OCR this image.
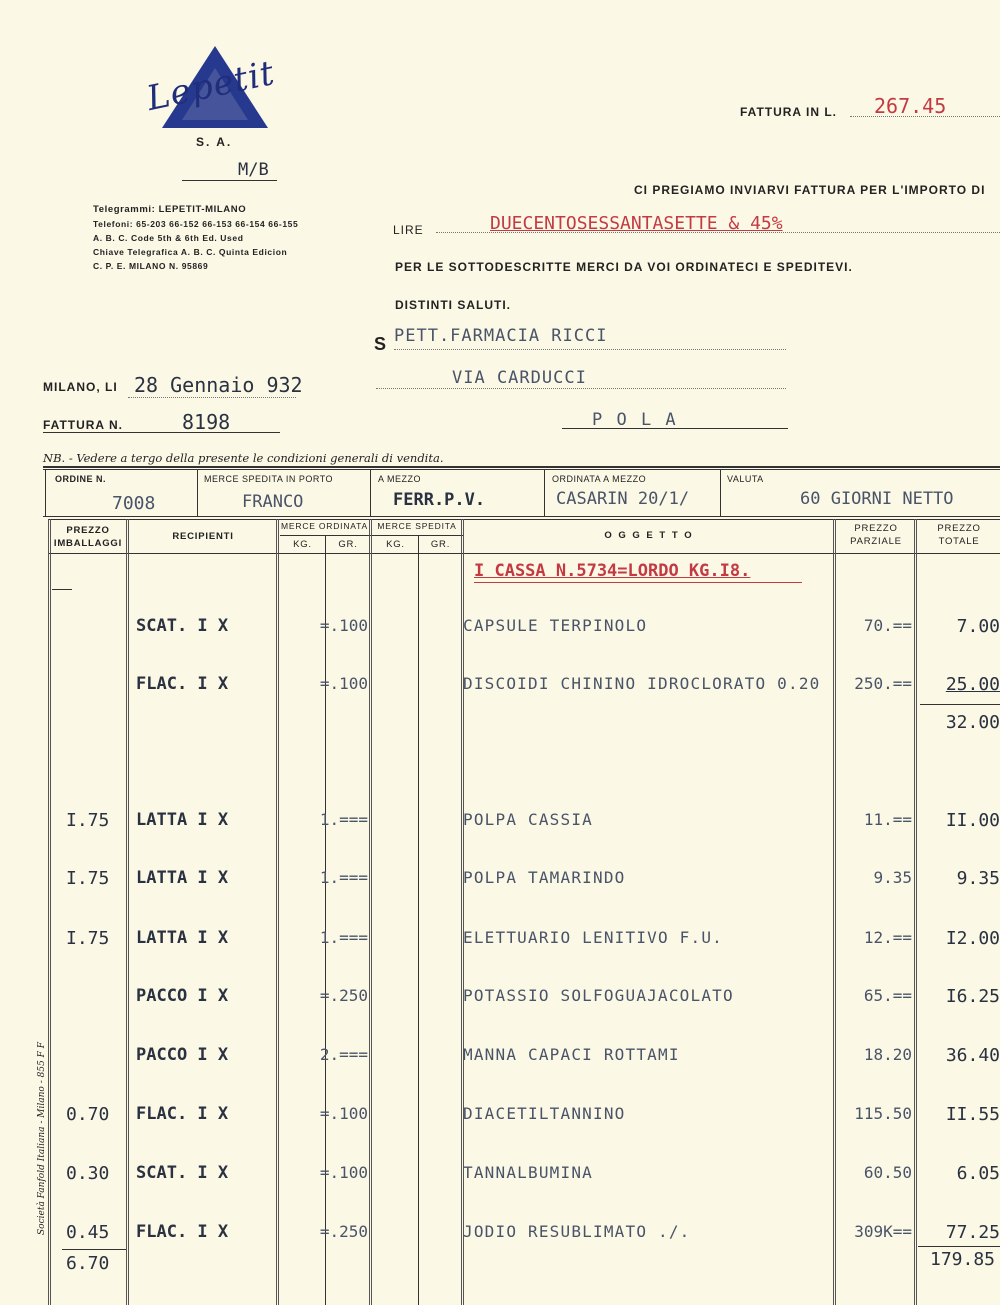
Lepetit
S. A.
M/B
Telegrammi: LEPETIT-MILANO
Telefoni: 65-203 66-152 66-153 66-154 66-155
A. B. C. Code 5th & 6th Ed. Used
Chiave Telegrafica A. B. C. Quinta Edicion
C. P. E. MILANO N. 95869
FATTURA IN L. 267.45
CI PREGIAMO INVIARVI FATTURA PER L'IMPORTO DI
LIRE	DUECENTOSESSANTASETTE & 45%
PER LE SOTTODESCRITTE MERCI DA VOI ORDINATECI E SPEDITEVI.
DISTINTI SALUTI.
S PETT.FARMACIA RICCI
VIA CARDUCCI
P O L A
MILANO, LI 28 Gennaio 932
FATTURA N.	8198
NB. - Vedere a tergo della presente le condizioni generali di vendita.
ORDINE N.
7008
MERCE SPEDITA IN PORTO
FRANCO
A MEZZO
FERR.P.V.
ORDINATA A MEZZO
CASARIN 20/1/
VALUTA
60 GIORNI NETTO
PREZZO IMBALLAGGI
RECIPIENTI
MERCE ORDINATA	MERCE SPEDITA
KG.	GR.	KG.	GR.
O G G E T T O
PREZZO PARZIALE
PREZZO TOTALE
I CASSA N.5734=LORDO KG.I8.
SCAT. I X	=.100	CAPSULE TERPINOLO	70.==	7.00
FLAC. I X	=.100	DISCOIDI CHININO IDROCLORATO 0.20	250.==	25.00
32.00
I.75	LATTA I X	1.===	POLPA CASSIA	11.==	II.00
I.75	LATTA I X	1.===	POLPA TAMARINDO	9.35	9.35
I.75	LATTA I X	1.===	ELETTUARIO LENITIVO F.U.	12.==	I2.00
PACCO I X	=.250	POTASSIO SOLFOGUAJACOLATO	65.==	I6.25
PACCO I X	2.===	MANNA CAPACI ROTTAMI	18.20	36.40
0.70	FLAC. I X	=.100	DIACETILTANNINO	115.50	II.55
0.30	SCAT. I X	=.100	TANNALBUMINA	60.50	6.05
0.45	FLAC. I X	=.250	JODIO RESUBLIMATO ./.	309K==	77.25
6.70	179.85
Società Fanfold Italiana - Milano - 855 F F
